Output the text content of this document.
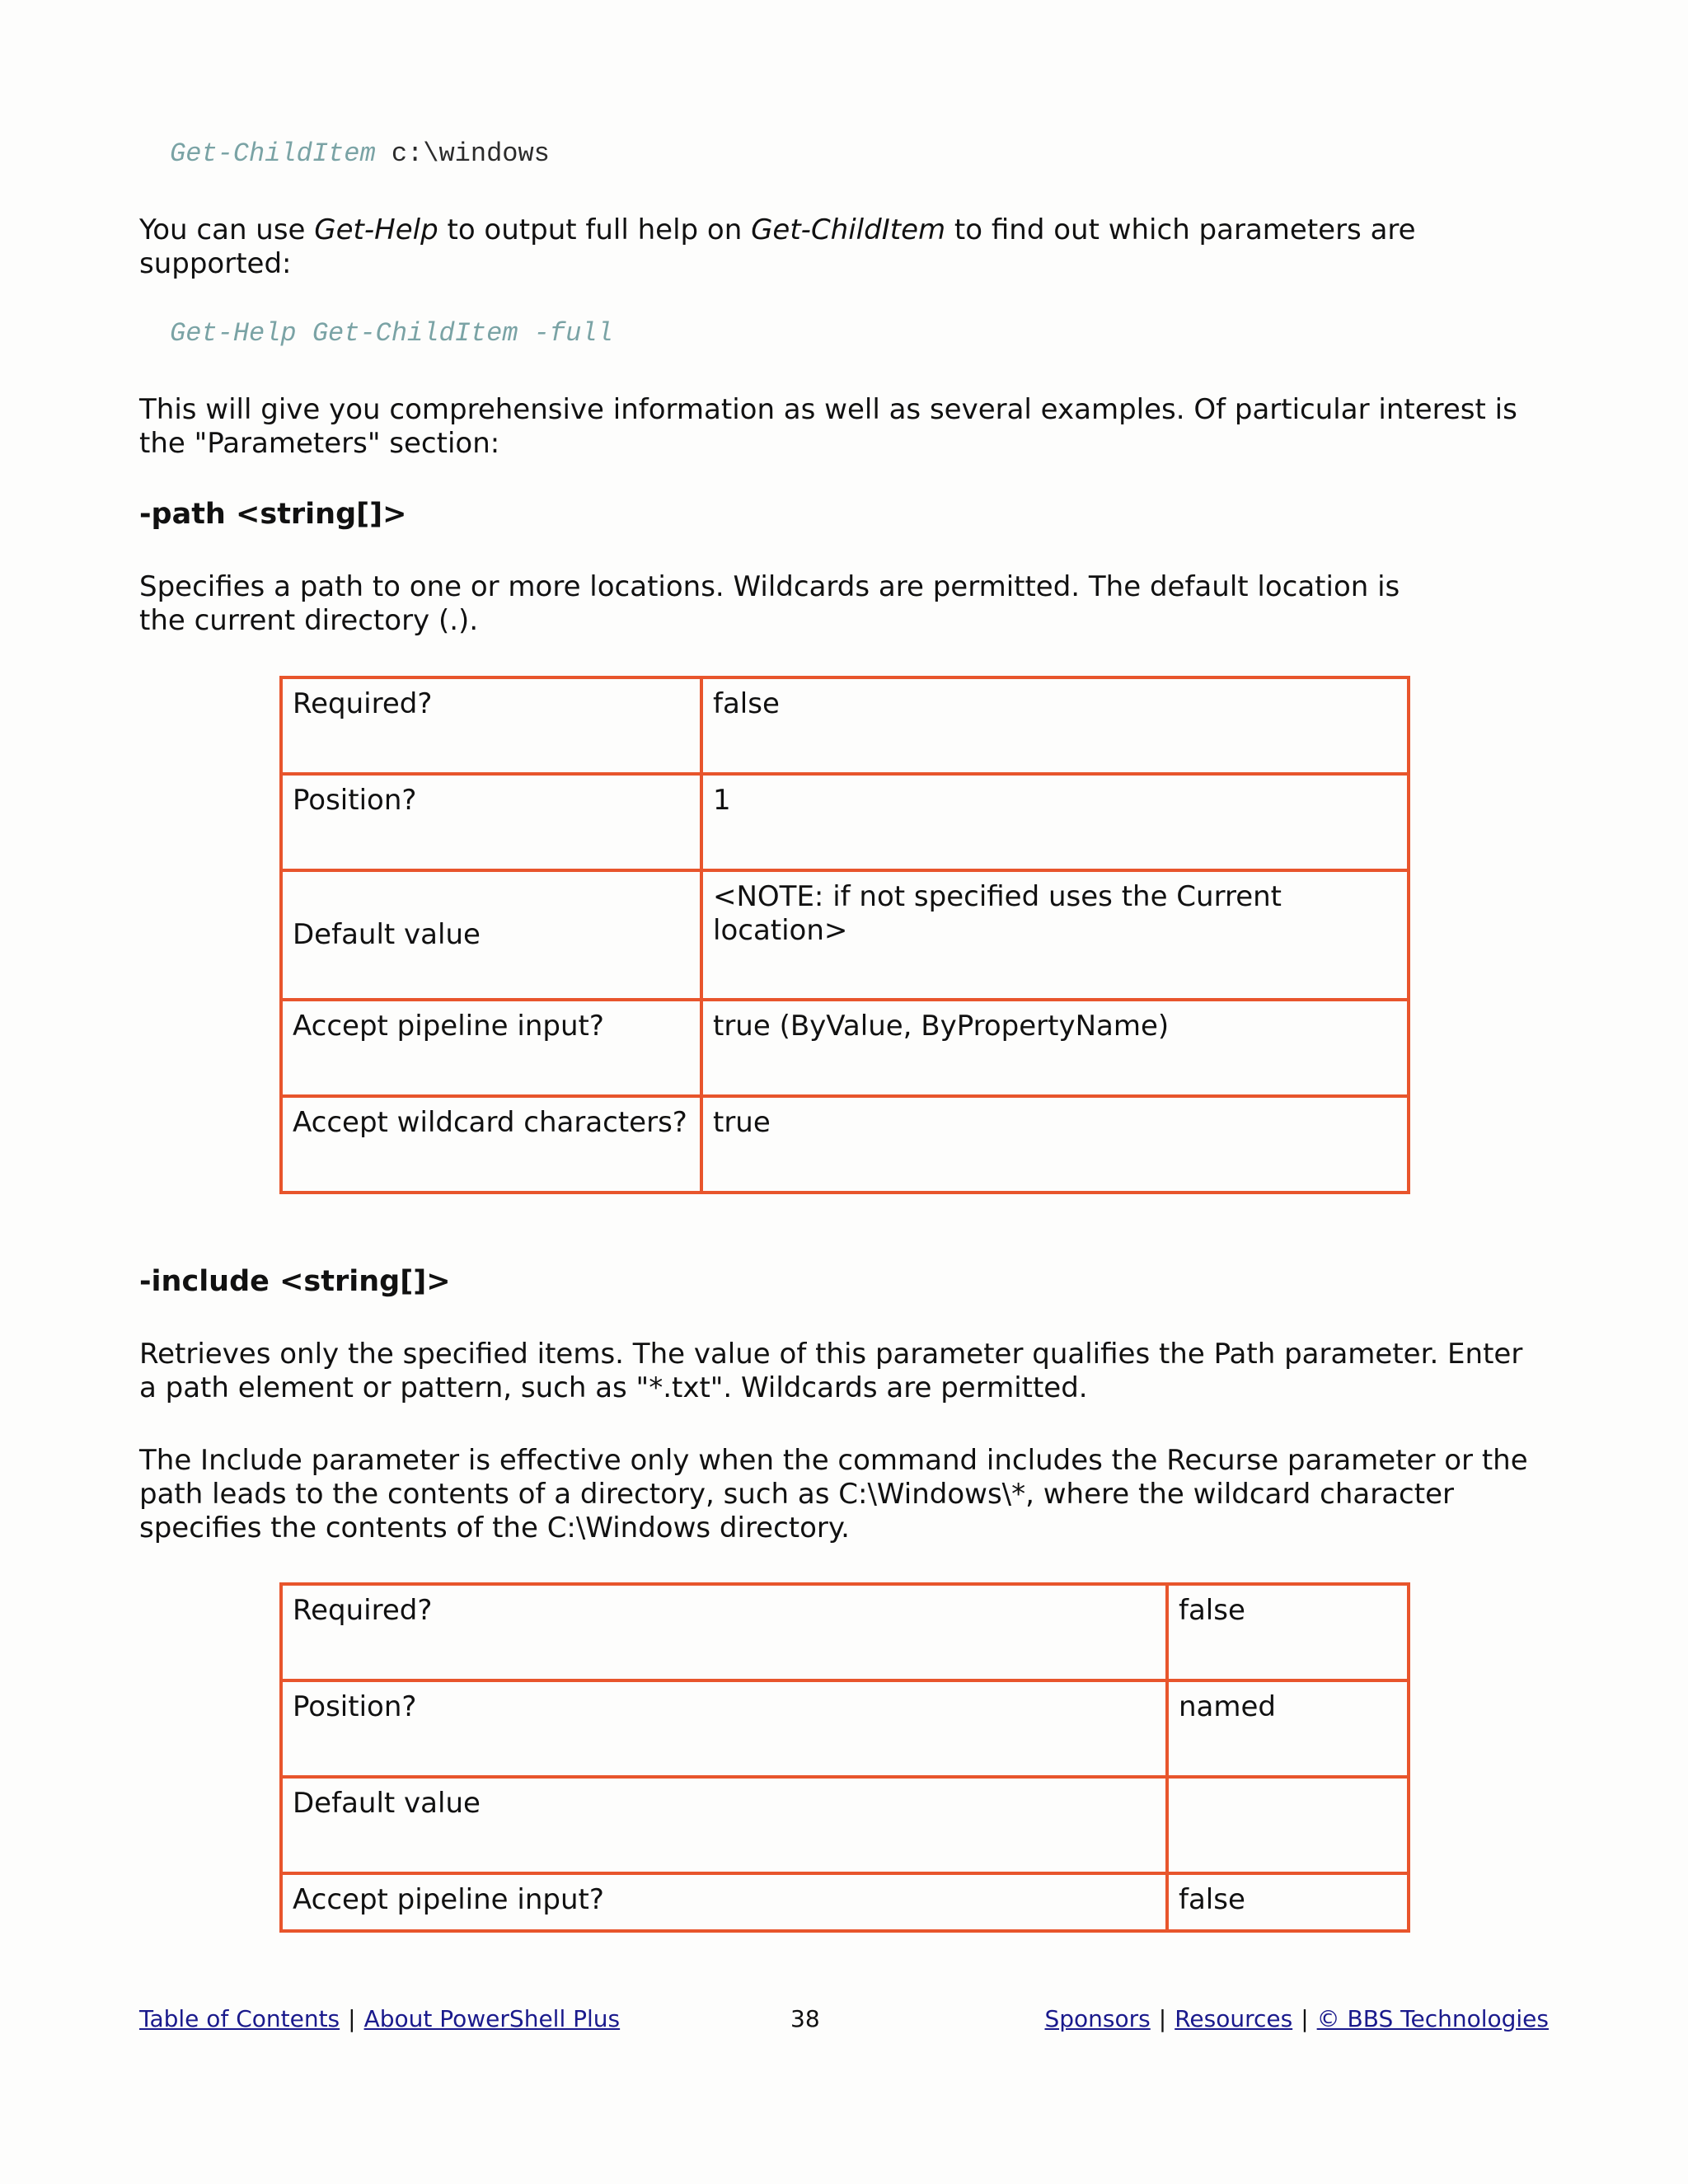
Get-ChildItem c:\windows

You can use Get-Help to output full help on Get-ChildItem to find out which parameters are supported:

Get-Help Get-ChildItem -full

This will give you comprehensive information as well as several examples. Of particular interest is the "Parameters" section:

-path <string[]>

Specifies a path to one or more locations. Wildcards are permitted. The default location is the current directory (.).

Required?	false
Position?	1
Default value	<NOTE: if not specified uses the Current location>
Accept pipeline input?	true (ByValue, ByPropertyName)
Accept wildcard characters?	true

-include <string[]>

Retrieves only the specified items. The value of this parameter qualifies the Path parameter. Enter a path element or pattern, such as "*.txt". Wildcards are permitted.

The Include parameter is effective only when the command includes the Recurse parameter or the path leads to the contents of a directory, such as C:\Windows\*, where the wildcard character specifies the contents of the C:\Windows directory.

Required?	false
Position?	named
Default value	
Accept pipeline input?	false
Table of Contents | About PowerShell Plus	38	Sponsors | Resources | © BBS Technologies
